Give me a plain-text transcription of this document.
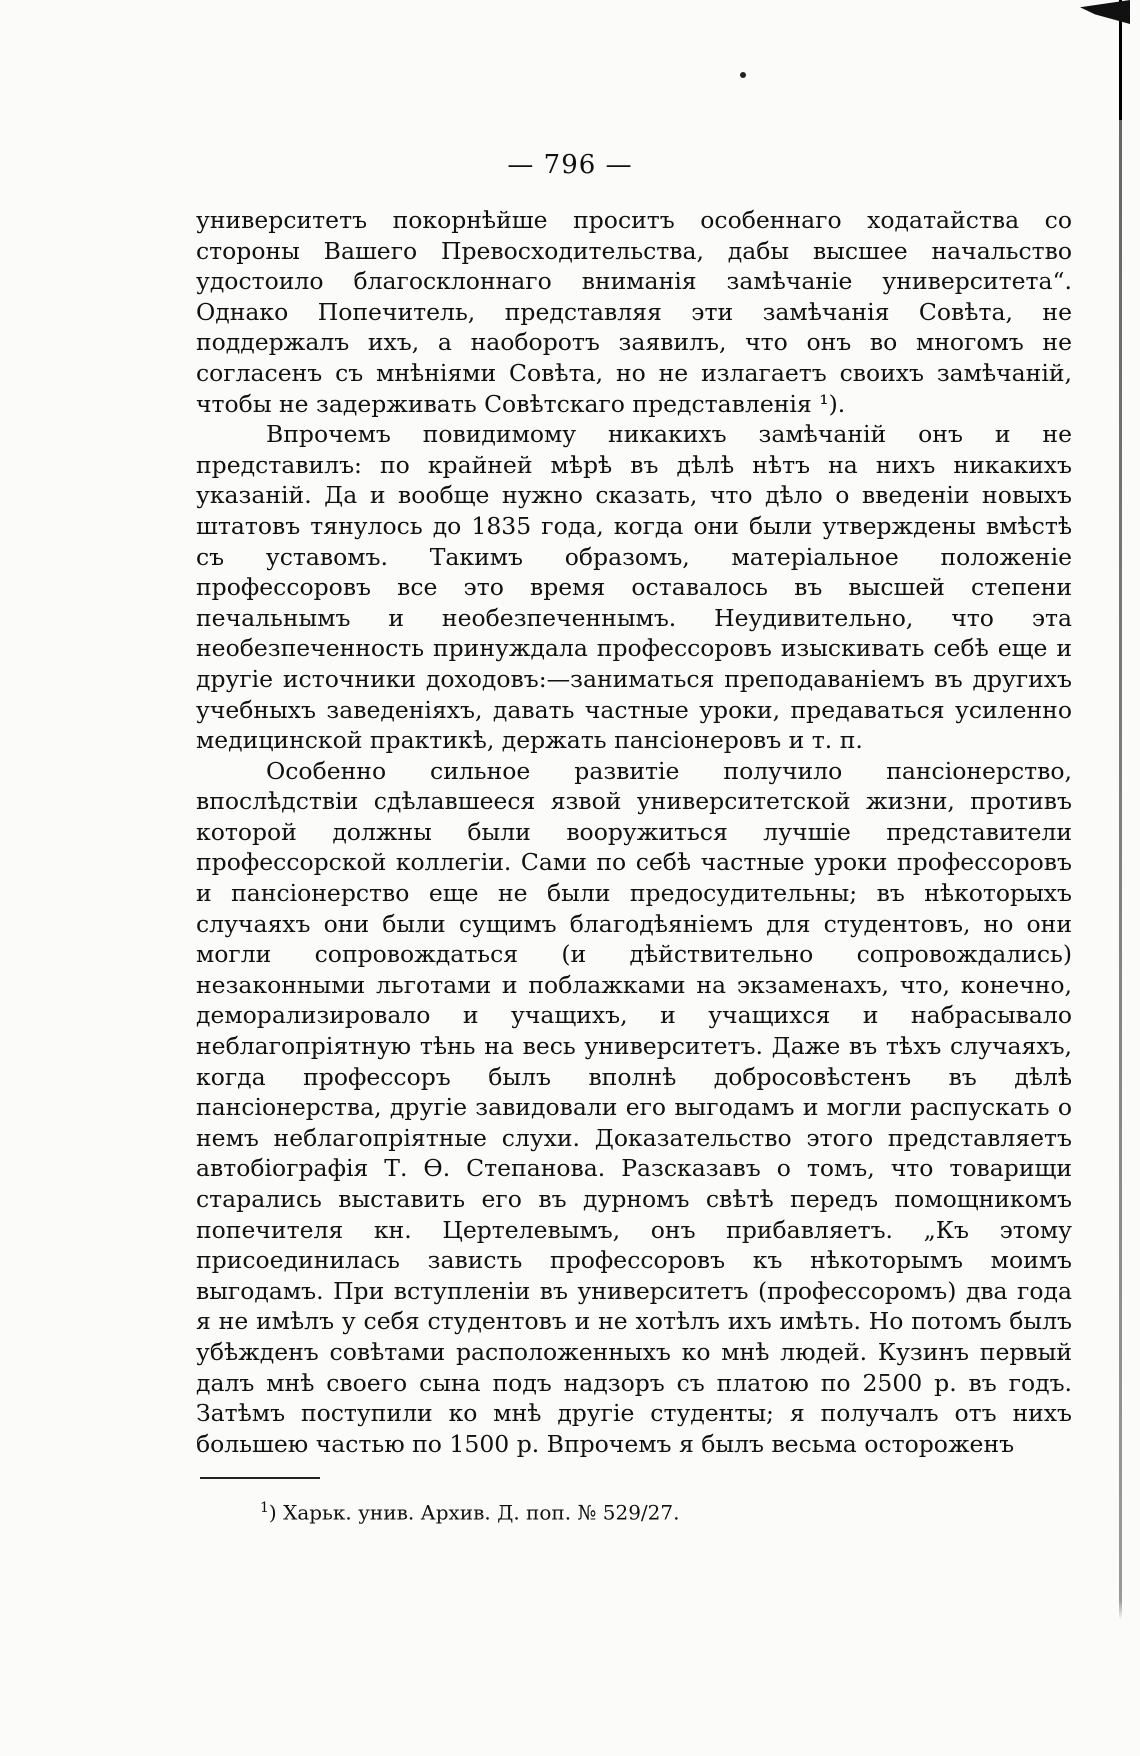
— 796 —

университетъ покорнѣйше проситъ особеннаго ходатайства со стороны Вашего Превосходительства, дабы высшее начальство удостоило благосклоннаго вниманія замѣчаніе университета“. Однако Попечитель, представляя эти замѣчанія Совѣта, не поддержалъ ихъ, а наоборотъ заявилъ, что онъ во многомъ не согласенъ съ мнѣніями Совѣта, но не излагаетъ своихъ замѣчаній, чтобы не задерживать Совѣтскаго представленія ¹).

Впрочемъ повидимому никакихъ замѣчаній онъ и не представилъ: по крайней мѣрѣ въ дѣлѣ нѣтъ на нихъ никакихъ указаній. Да и вообще нужно сказать, что дѣло о введеніи новыхъ штатовъ тянулось до 1835 года, когда они были утверждены вмѣстѣ съ уставомъ. Такимъ образомъ, матеріальное положеніе профессоровъ все это время оставалось въ высшей степени печальнымъ и необезпеченнымъ. Неудивительно, что эта необезпеченность принуждала профессоровъ изыскивать себѣ еще и другіе источники доходовъ:—заниматься преподаваніемъ въ другихъ учебныхъ заведеніяхъ, давать частные уроки, предаваться усиленно медицинской практикѣ, держать пансіонеровъ и т. п.

Особенно сильное развитіе получило пансіонерство, впослѣдствіи сдѣлавшееся язвой университетской жизни, противъ которой должны были вооружиться лучшіе представители профессорской коллегіи. Сами по себѣ частные уроки профессоровъ и пансіонерство еще не были предосудительны; въ нѣкоторыхъ случаяхъ они были сущимъ благодѣяніемъ для студентовъ, но они могли сопровождаться (и дѣйствительно сопровождались) незаконными льготами и поблажками на экзаменахъ, что, конечно, деморализировало и учащихъ, и учащихся и набрасывало неблагопріятную тѣнь на весь университетъ. Даже въ тѣхъ случаяхъ, когда профессоръ былъ вполнѣ добросовѣстенъ въ дѣлѣ пансіонерства, другіе завидовали его выгодамъ и могли распускать о немъ неблагопріятные слухи. Доказательство этого представляетъ автобіографія Т. Ѳ. Степанова. Разсказавъ о томъ, что товарищи старались выставить его въ дурномъ свѣтѣ передъ помощникомъ попечителя кн. Цертелевымъ, онъ прибавляетъ. „Къ этому присоединилась зависть профессоровъ къ нѣкоторымъ моимъ выгодамъ. При вступленіи въ университетъ (профессоромъ) два года я не имѣлъ у себя студентовъ и не хотѣлъ ихъ имѣть. Но потомъ былъ убѣжденъ совѣтами расположенныхъ ко мнѣ людей. Кузинъ первый далъ мнѣ своего сына подъ надзоръ съ платою по 2500 р. въ годъ. Затѣмъ поступили ко мнѣ другіе студенты; я получалъ отъ нихъ большею частью по 1500 р. Впрочемъ я былъ весьма остороженъ

$^1$) Харьк. унив. Архив. Д. поп. № 529/27.
